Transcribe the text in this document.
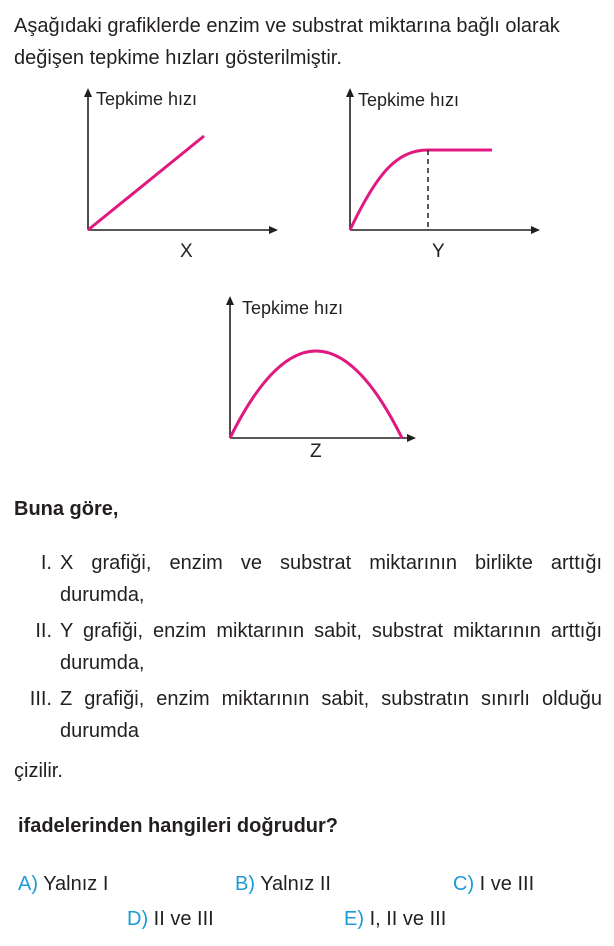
Aşağıdaki grafiklerde enzim ve substrat miktarına bağlı olarak değişen tepkime hızları gösterilmiştir.
Tepkime hızı
X
Tepkime hızı
Y
Tepkime hızı
Z
Buna göre,
I. X grafiği, enzim ve substrat miktarının birlikte arttığı durumda,
II. Y grafiği, enzim miktarının sabit, substrat miktarının arttığı durumda,
III. Z grafiği, enzim miktarının sabit, substratın sınırlı olduğu durumda
çizilir.
ifadelerinden hangileri doğrudur?
A) Yalnız I	B) Yalnız II	C) I ve III
D) II ve III	E) I, II ve III
